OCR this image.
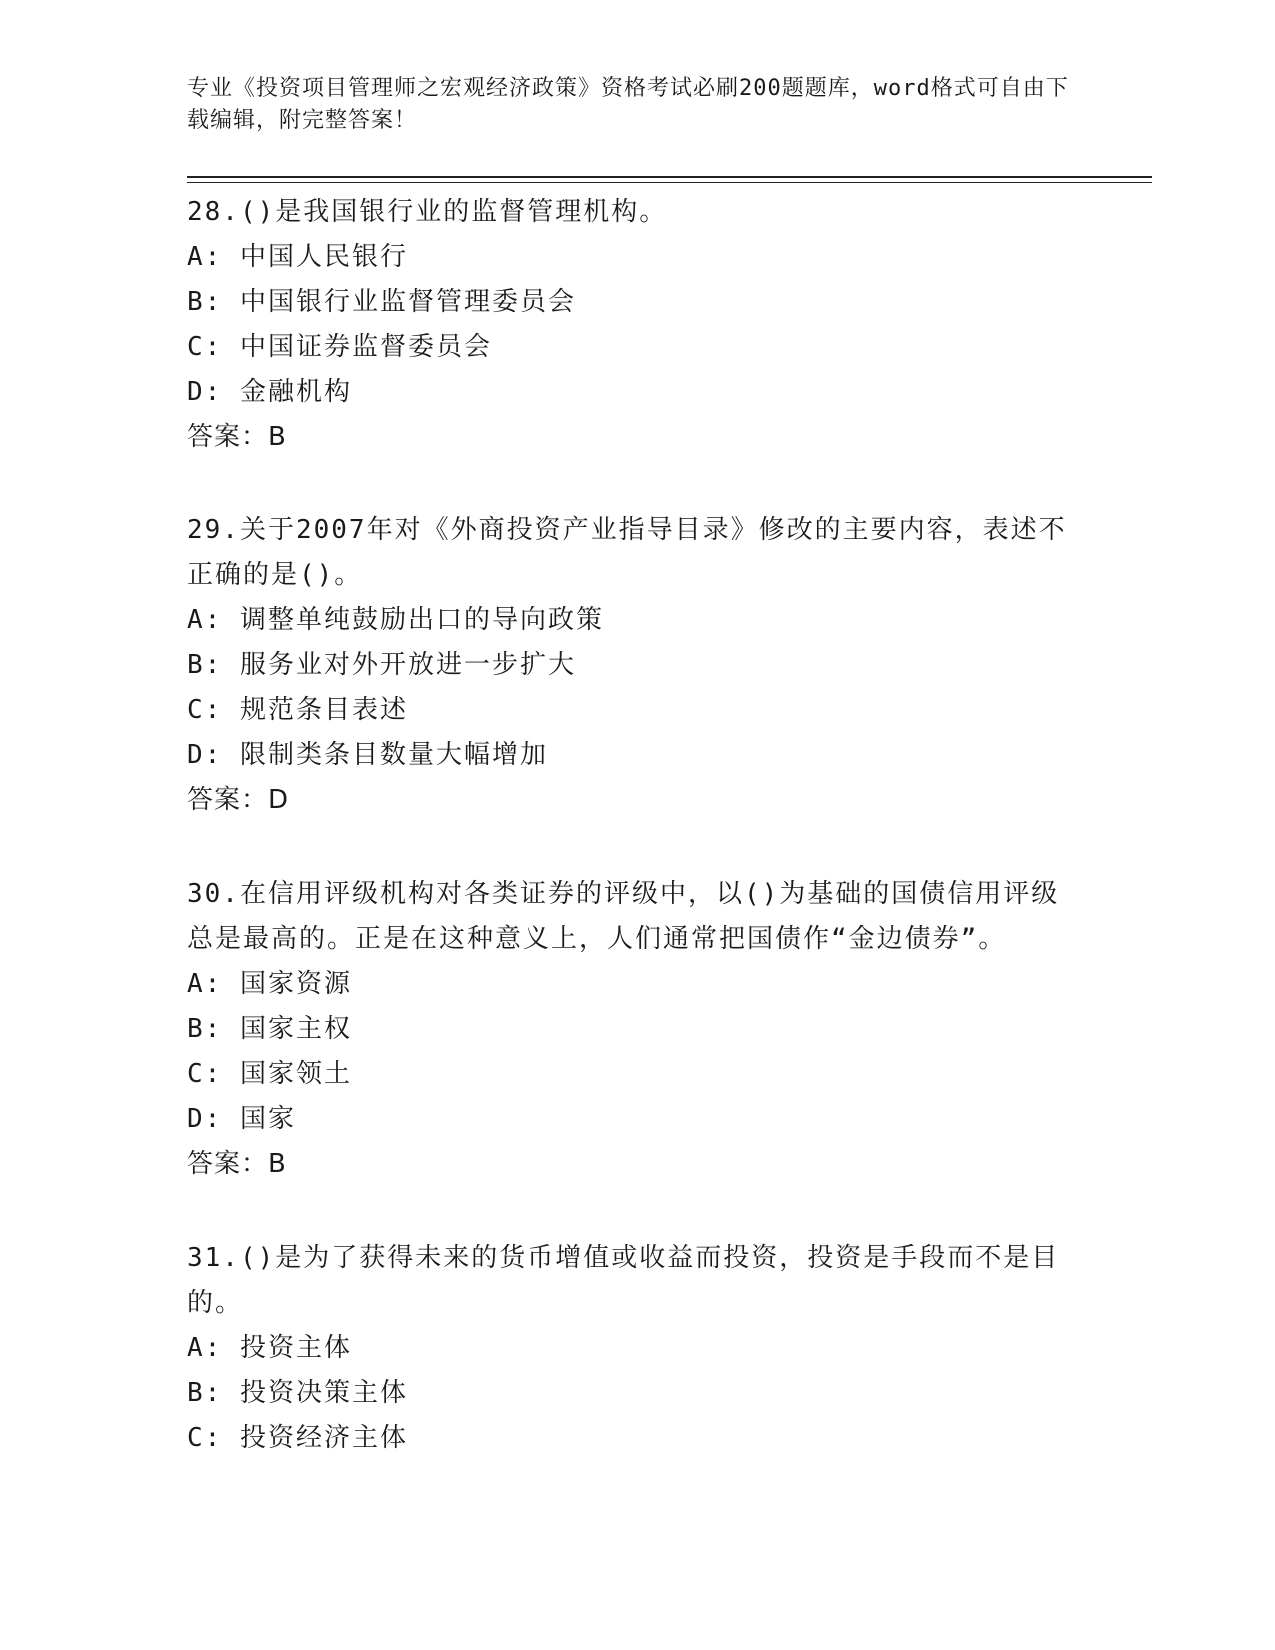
专业《投资项目管理师之宏观经济政策》资格考试必刷200题题库，word格式可自由下载编辑，附完整答案！

28.()是我国银行业的监督管理机构。

A: 中国人民银行

B: 中国银行业监督管理委员会

C: 中国证券监督委员会

D: 金融机构

答案：B

29.关于2007年对《外商投资产业指导目录》修改的主要内容，表述不正确的是()。

A: 调整单纯鼓励出口的导向政策

B: 服务业对外开放进一步扩大

C: 规范条目表述

D: 限制类条目数量大幅增加

答案：D

30.在信用评级机构对各类证券的评级中，以()为基础的国债信用评级总是最高的。正是在这种意义上，人们通常把国债作“金边债券”。

A: 国家资源

B: 国家主权

C: 国家领土

D: 国家

答案：B

31.()是为了获得未来的货币增值或收益而投资，投资是手段而不是目的。

A: 投资主体

B: 投资决策主体

C: 投资经济主体
